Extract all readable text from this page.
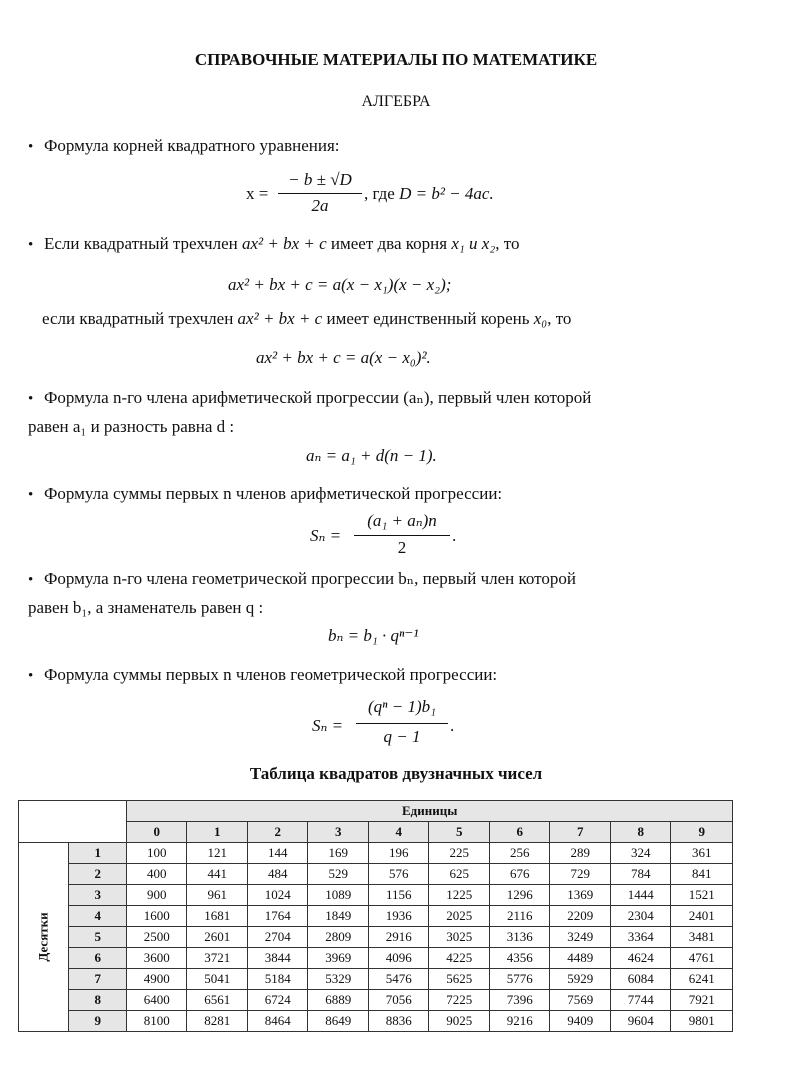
СПРАВОЧНЫЕ МАТЕРИАЛЫ ПО МАТЕМАТИКЕ
АЛГЕБРА
• Формула корней квадратного уравнения:
x =
− b ± √D
2a
, где D = b² − 4ac.
• Если квадратный трехчлен ax² + bx + c имеет два корня x₁ и x₂, то
ax² + bx + c = a(x − x₁)(x − x₂);
если квадратный трехчлен ax² + bx + c имеет единственный корень x₀, то
ax² + bx + c = a(x − x₀)².
• Формула n-го члена арифметической прогрессии (aₙ), первый член которой
равен a₁ и разность равна d :
aₙ = a₁ + d(n − 1).
• Формула суммы первых n членов арифметической прогрессии:
Sₙ =
(a₁ + aₙ)n
2
.
• Формула n-го члена геометрической прогрессии bₙ, первый член которой
равен b₁, а знаменатель равен q :
bₙ = b₁ · qⁿ⁻¹
• Формула суммы первых n членов геометрической прогрессии:
Sₙ =
(qⁿ − 1)b₁
q − 1
.
Таблица квадратов двузначных чисел
		Единицы									
		0	1	2	3	4	5	6	7	8	9
Десятки	1	100	121	144	169	196	225	256	289	324	361
	2	400	441	484	529	576	625	676	729	784	841
	3	900	961	1024	1089	1156	1225	1296	1369	1444	1521
	4	1600	1681	1764	1849	1936	2025	2116	2209	2304	2401
	5	2500	2601	2704	2809	2916	3025	3136	3249	3364	3481
	6	3600	3721	3844	3969	4096	4225	4356	4489	4624	4761
	7	4900	5041	5184	5329	5476	5625	5776	5929	6084	6241
	8	6400	6561	6724	6889	7056	7225	7396	7569	7744	7921
	9	8100	8281	8464	8649	8836	9025	9216	9409	9604	9801
